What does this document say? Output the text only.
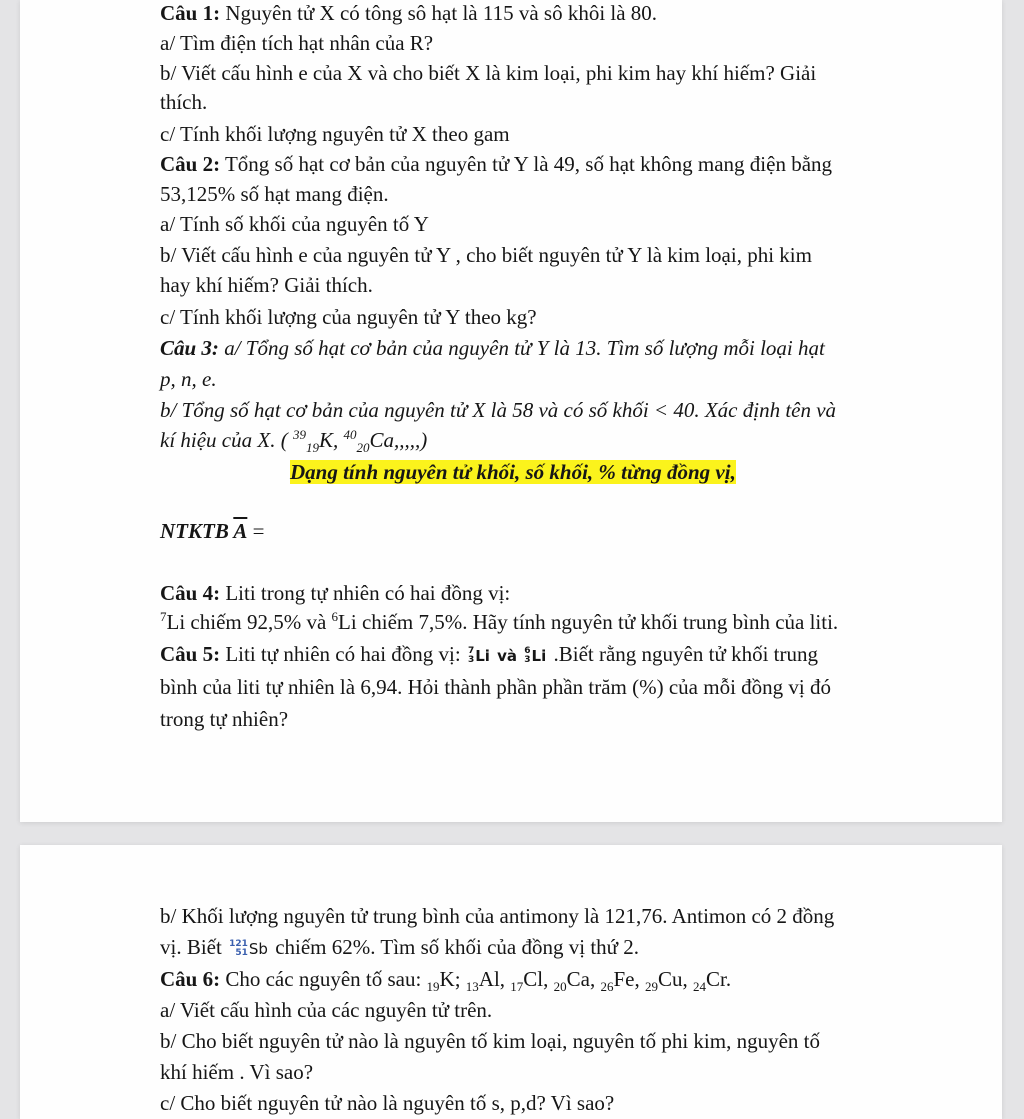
Câu 1: Nguyên tử X có tông sô hạt là 115 và sô khôi là 80.
a/ Tìm điện tích hạt nhân của R?
b/ Viết cấu hình e của X và cho biết X là kim loại, phi kim hay khí hiếm? Giải
thích.
c/ Tính khối lượng nguyên tử X theo gam
Câu 2: Tổng số hạt cơ bản của nguyên tử Y là 49, số hạt không mang điện bằng
53,125% số hạt mang điện.
a/ Tính số khối của nguyên tố Y
b/ Viết cấu hình e của nguyên tử Y , cho biết nguyên tử Y là kim loại, phi kim
hay khí hiếm? Giải thích.
c/ Tính khối lượng của nguyên tử Y theo kg?
Câu 3: a/ Tổng số hạt cơ bản của nguyên tử Y là 13. Tìm số lượng mỗi loại hạt
p, n, e.
b/ Tổng số hạt cơ bản của nguyên tử X là 58 và có số khối < 40. Xác định tên và
kí hiệu của X. ( $^{39}_{19}$K, $^{40}_{20}$Ca,,,,,)
Dạng tính nguyên tử khối, số khối, % từng đồng vị,
NTKTB $\overline{A}$ =
Câu 4: Liti trong tự nhiên có hai đồng vị:
$^7$Li chiếm 92,5% và $^6$Li chiếm 7,5%. Hãy tính nguyên tử khối trung bình của liti.
Câu 5: Liti tự nhiên có hai đồng vị: 7
3 Li và 6
3 Li .Biết rằng nguyên tử khối trung
bình của liti tự nhiên là 6,94. Hỏi thành phần phần trăm (%) của mỗi đồng vị đó
trong tự nhiên?
b/ Khối lượng nguyên tử trung bình của antimony là 121,76. Antimon có 2 đồng
vị. Biết 121
51 Sb chiếm 62%. Tìm số khối của đồng vị thứ 2.
Câu 6: Cho các nguyên tố sau: $_{19}$K; $_{13}$Al, $_{17}$Cl, $_{20}$Ca, $_{26}$Fe, $_{29}$Cu, $_{24}$Cr.
a/ Viết cấu hình của các nguyên tử trên.
b/ Cho biết nguyên tử nào là nguyên tố kim loại, nguyên tố phi kim, nguyên tố
khí hiếm . Vì sao?
c/ Cho biết nguyên tử nào là nguyên tố s, p,d? Vì sao?
